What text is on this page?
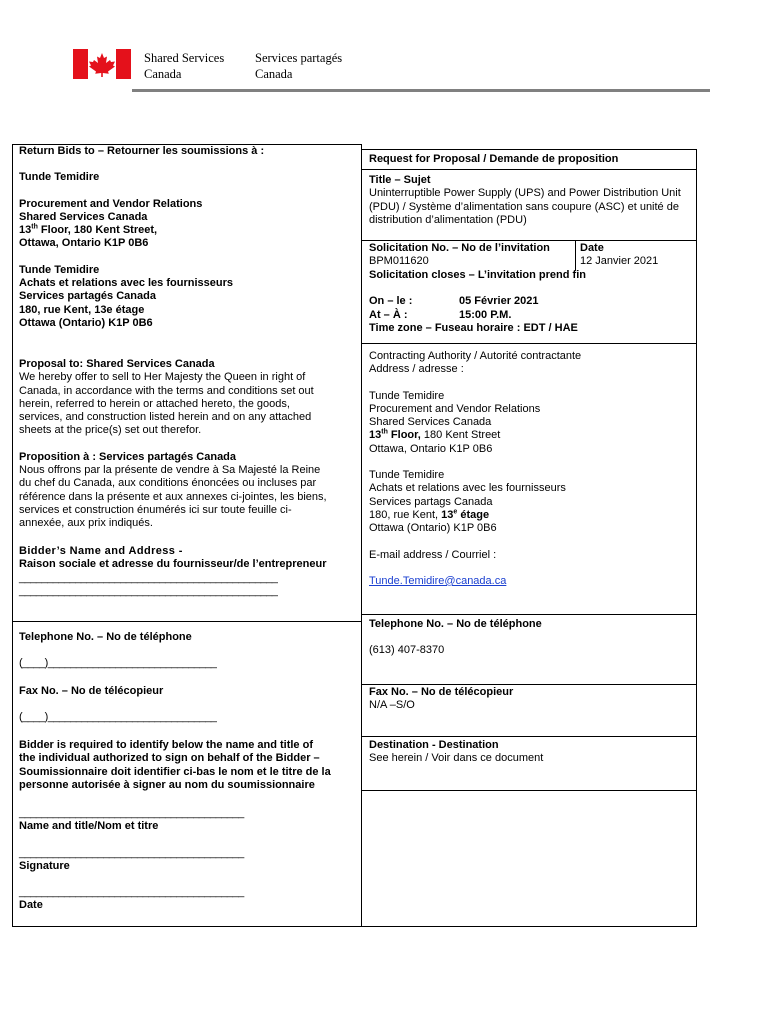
Shared Services
Canada
Services partagés
Canada
Return Bids to – Retourner les soumissions à :
Tunde Temidire
Procurement and Vendor Relations
Shared Services Canada
13th Floor, 180 Kent Street,
Ottawa, Ontario K1P 0B6
Tunde Temidire
Achats et relations avec les fournisseurs
Services partagés Canada
180, rue Kent, 13e étage
Ottawa (Ontario) K1P 0B6
Proposal to: Shared Services Canada
We hereby offer to sell to Her Majesty the Queen in right of
Canada, in accordance with the terms and conditions set out
herein, referred to herein or attached hereto, the goods,
services, and construction listed herein and on any attached
sheets at the price(s) set out therefor.
Proposition à : Services partagés Canada
Nous offrons par la présente de vendre à Sa Majesté la Reine
du chef du Canada, aux conditions énoncées ou incluses par
référence dans la présente et aux annexes ci-jointes, les biens,
services et construction énumérés ici sur toute feuille ci-
annexée, aux prix indiqués.
Bidder’s Name and Address -
Raison sociale et adresse du fournisseur/de l’entrepreneur
______________________________________________
______________________________________________
Telephone No. – No de téléphone
(____)______________________________
Fax No. – No de télécopieur
(____)______________________________
Bidder is required to identify below the name and title of
the individual authorized to sign on behalf of the Bidder –
Soumissionnaire doit identifier ci-bas le nom et le titre de la
personne autorisée à signer au nom du soumissionnaire
________________________________________
Name and title/Nom et titre
________________________________________
Signature
________________________________________
Date
Request for Proposal / Demande de proposition
Title – Sujet
Uninterruptible Power Supply (UPS) and Power Distribution Unit
(PDU) / Système d’alimentation sans coupure (ASC) et unité de
distribution d’alimentation (PDU)
Solicitation No. – No de l’invitation
BPM011620
Date
12 Janvier 2021
Solicitation closes – L’invitation prend fin
On – le :	05 Février 2021
At – À :	15:00 P.M.
Time zone – Fuseau horaire : EDT / HAE
Contracting Authority / Autorité contractante
Address / adresse :
Tunde Temidire
Procurement and Vendor Relations
Shared Services Canada
13th Floor, 180 Kent Street
Ottawa, Ontario K1P 0B6
Tunde Temidire
Achats et relations avec les fournisseurs
Services partags Canada
180, rue Kent, 13e étage
Ottawa (Ontario) K1P 0B6
E-mail address / Courriel :
Tunde.Temidire@canada.ca
Telephone No. – No de téléphone
(613) 407-8370
Fax No. – No de télécopieur
N/A –S/O
Destination - Destination
See herein / Voir dans ce document
